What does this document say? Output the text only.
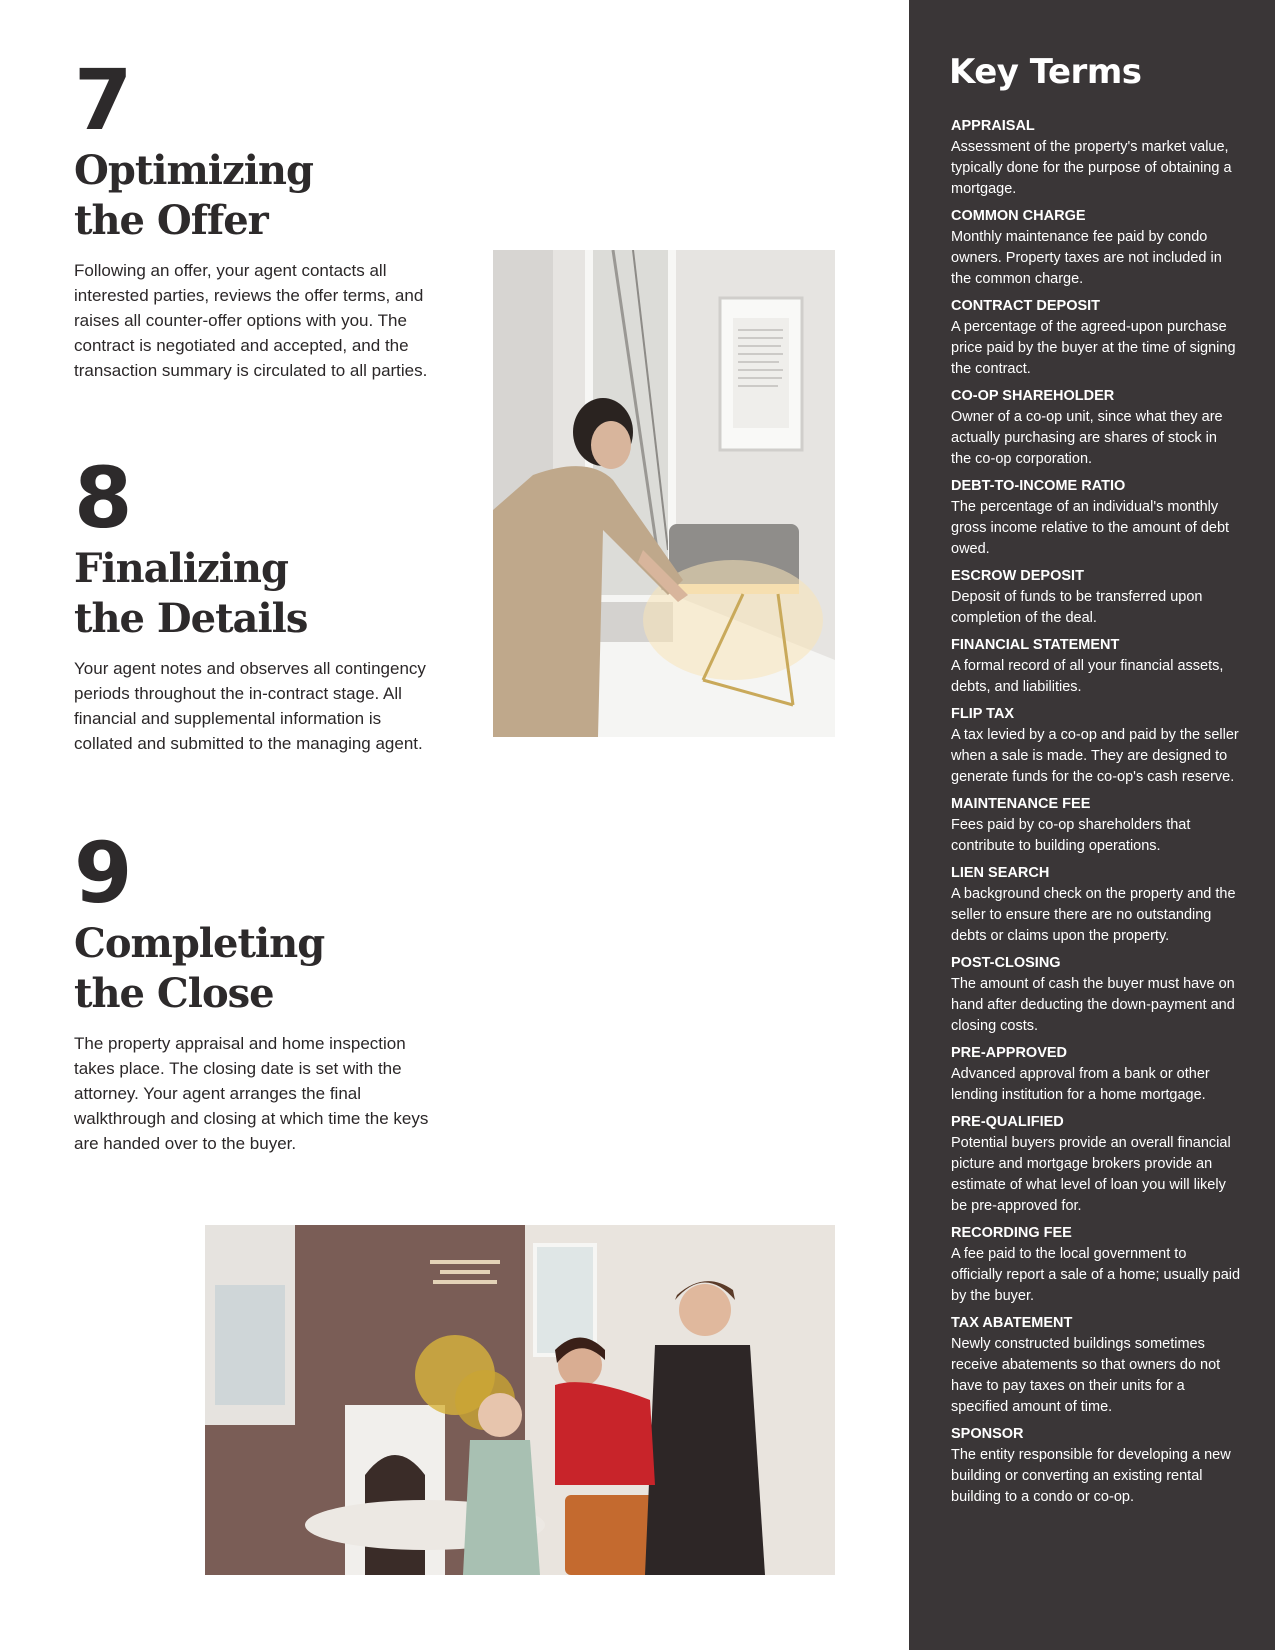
7
Optimizing
the Offer

Following an offer, your agent contacts all interested parties, reviews the offer terms, and raises all counter-offer options with you. The contract is negotiated and accepted, and the transaction summary is circulated to all parties.

8
Finalizing
the Details

Your agent notes and observes all contingency periods throughout the in-contract stage. All financial and supplemental information is collated and submitted to the managing agent.

9
Completing
the Close

The property appraisal and home inspection takes place. The closing date is set with the attorney. Your agent arranges the final walkthrough and closing at which time the keys are handed over to the buyer.

Key Terms
APPRAISAL
Assessment of the property's market value, typically done for the purpose of obtaining a mortgage.
COMMON CHARGE
Monthly maintenance fee paid by condo owners. Property taxes are not included in the common charge.
CONTRACT DEPOSIT
A percentage of the agreed-upon purchase price paid by the buyer at the time of signing the contract.
CO-OP SHAREHOLDER
Owner of a co-op unit, since what they are actually purchasing are shares of stock in the co-op corporation.
DEBT-TO-INCOME RATIO
The percentage of an individual's monthly gross income relative to the amount of debt owed.
ESCROW DEPOSIT
Deposit of funds to be transferred upon completion of the deal.
FINANCIAL STATEMENT
A formal record of all your financial assets, debts, and liabilities.
FLIP TAX
A tax levied by a co-op and paid by the seller when a sale is made. They are designed to generate funds for the co-op's cash reserve.
MAINTENANCE FEE
Fees paid by co-op shareholders that contribute to building operations.
LIEN SEARCH
A background check on the property and the seller to ensure there are no outstanding debts or claims upon the property.
POST-CLOSING
The amount of cash the buyer must have on hand after deducting the down-payment and closing costs.
PRE-APPROVED
Advanced approval from a bank or other lending institution for a home mortgage.
PRE-QUALIFIED
Potential buyers provide an overall financial picture and mortgage brokers provide an estimate of what level of loan you will likely be pre-approved for.
RECORDING FEE
A fee paid to the local government to officially report a sale of a home; usually paid by the buyer.
TAX ABATEMENT
Newly constructed buildings sometimes receive abatements so that owners do not have to pay taxes on their units for a specified amount of time.
SPONSOR
The entity responsible for developing a new building or converting an existing rental building to a condo or co-op.
